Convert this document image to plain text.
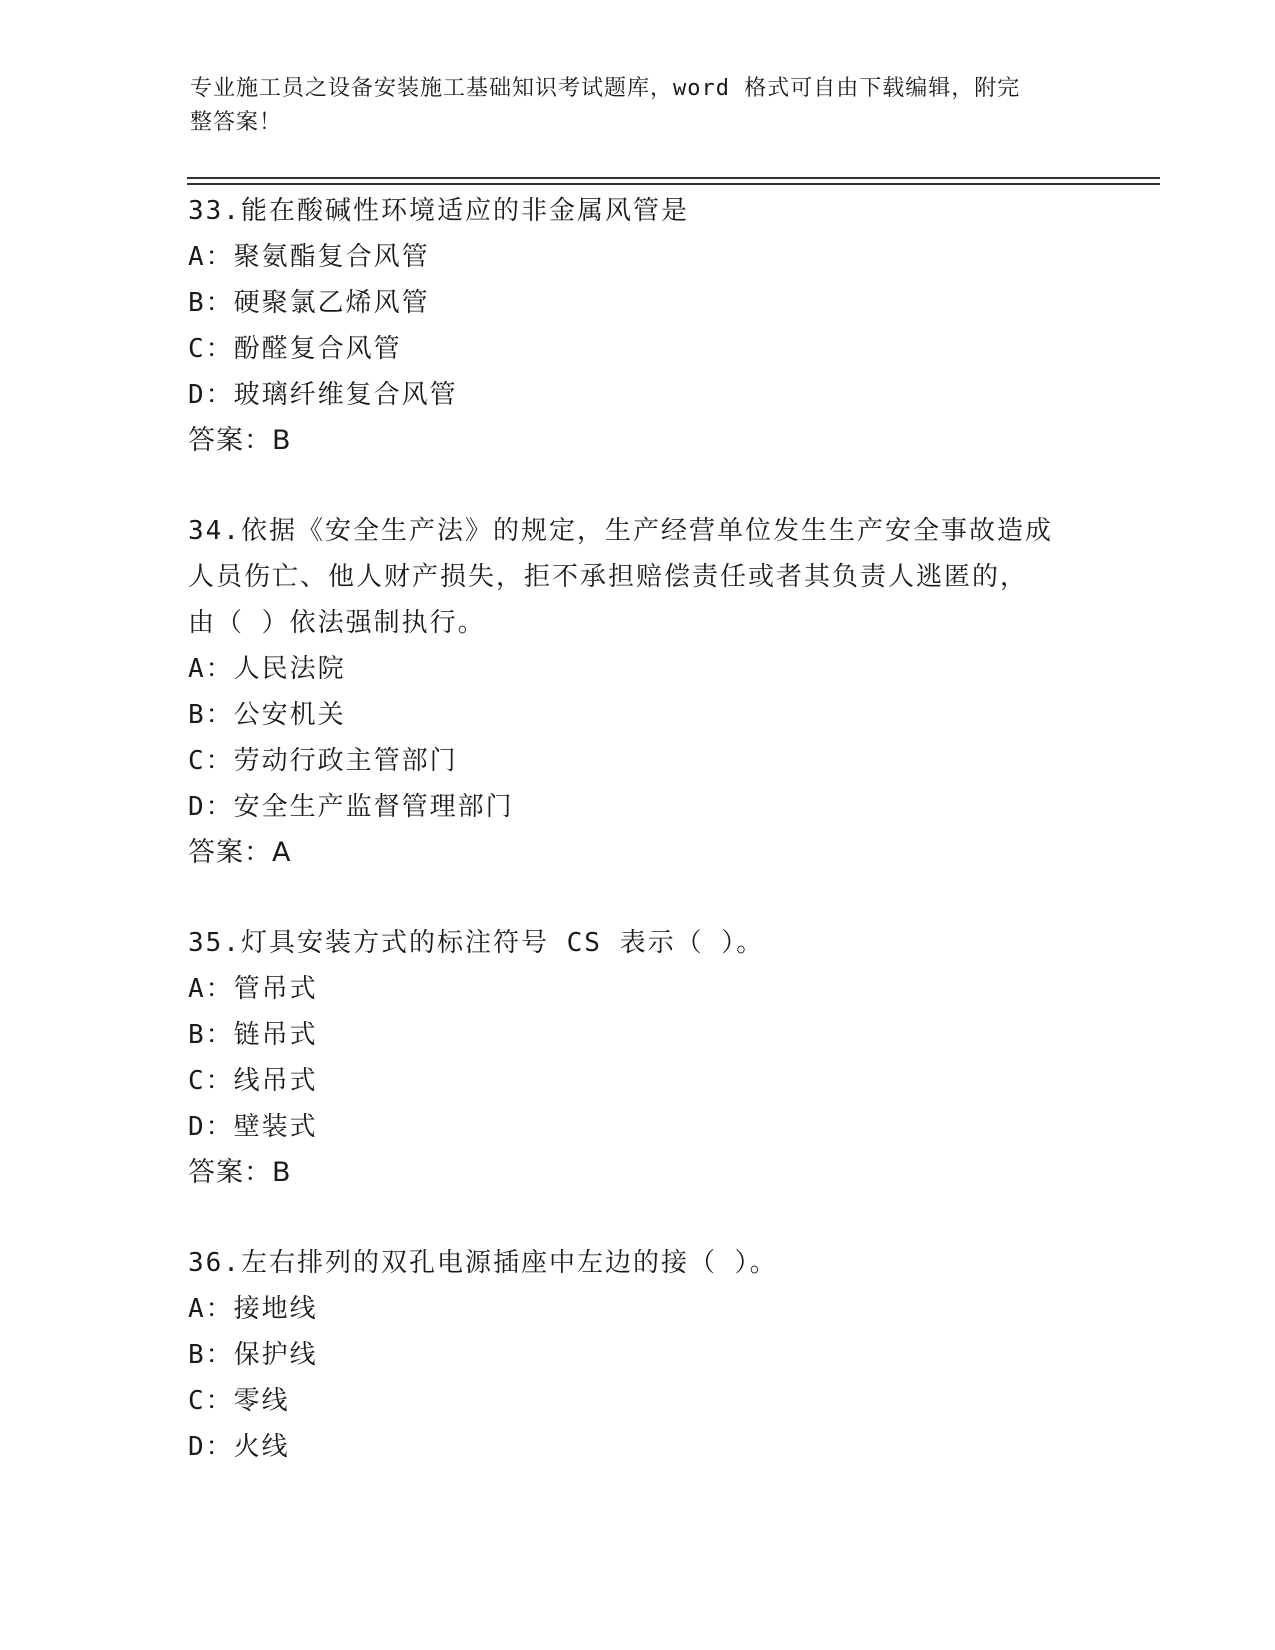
专业施工员之设备安装施工基础知识考试题库，word 格式可自由下载编辑，附完
整答案！

33.能在酸碱性环境适应的非金属风管是

A：聚氨酯复合风管

B：硬聚氯乙烯风管

C：酚醛复合风管

D：玻璃纤维复合风管

答案：B

34.依据《安全生产法》的规定，生产经营单位发生生产安全事故造成

人员伤亡、他人财产损失，拒不承担赔偿责任或者其负责人逃匿的，

由（ ）依法强制执行。

A：人民法院

B：公安机关

C：劳动行政主管部门

D：安全生产监督管理部门

答案：A

35.灯具安装方式的标注符号 CS 表示（ ）。

A：管吊式

B：链吊式

C：线吊式

D：壁装式

答案：B

36.左右排列的双孔电源插座中左边的接（ ）。

A：接地线

B：保护线

C：零线

D：火线
